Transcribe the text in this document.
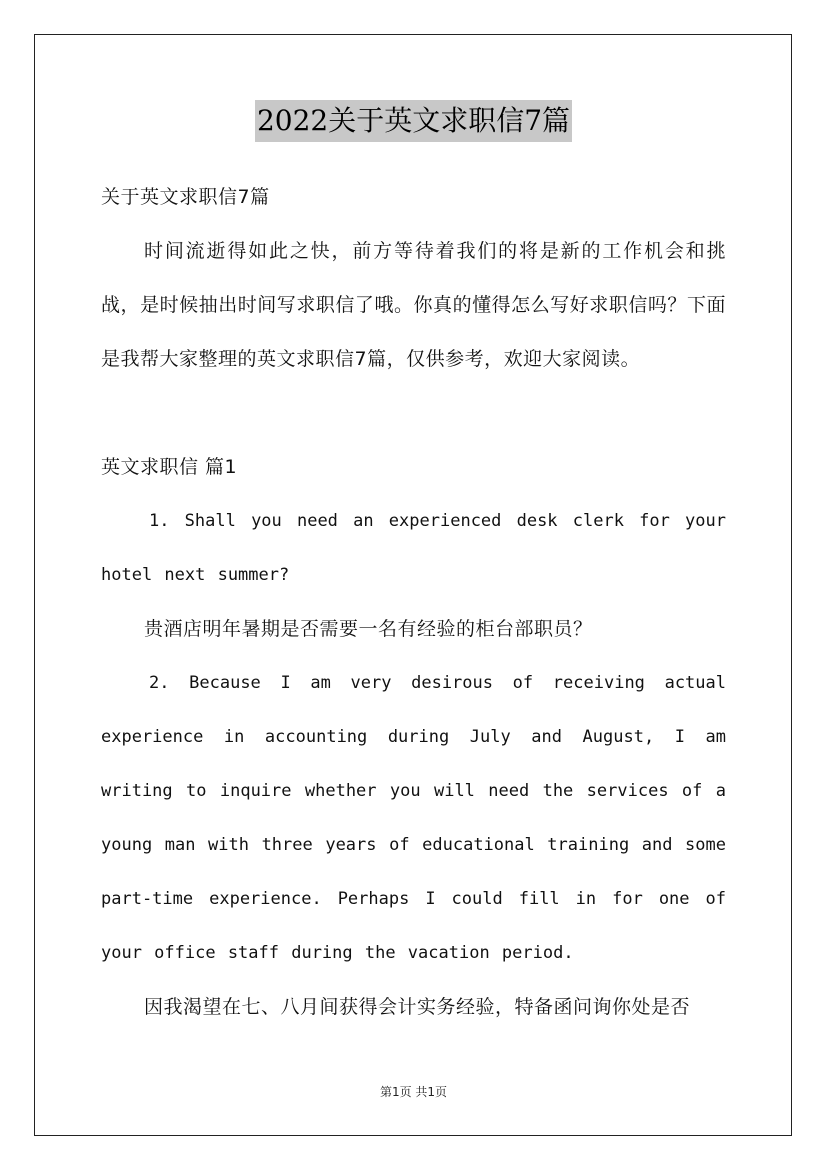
2022关于英文求职信7篇

关于英文求职信7篇

时间流逝得如此之快，前方等待着我们的将是新的工作机会和挑战，是时候抽出时间写求职信了哦。你真的懂得怎么写好求职信吗？下面是我帮大家整理的英文求职信7篇，仅供参考，欢迎大家阅读。

英文求职信 篇1

1. Shall you need an experienced desk clerk for your hotel next summer?

贵酒店明年暑期是否需要一名有经验的柜台部职员？

2. Because I am very desirous of receiving actual experience in accounting during July and August, I am writing to inquire whether you will need the services of a young man with three years of educational training and some part-time experience. Perhaps I could fill in for one of your office staff during the vacation period.

因我渴望在七、八月间获得会计实务经验，特备函问询你处是否

第1页 共1页
